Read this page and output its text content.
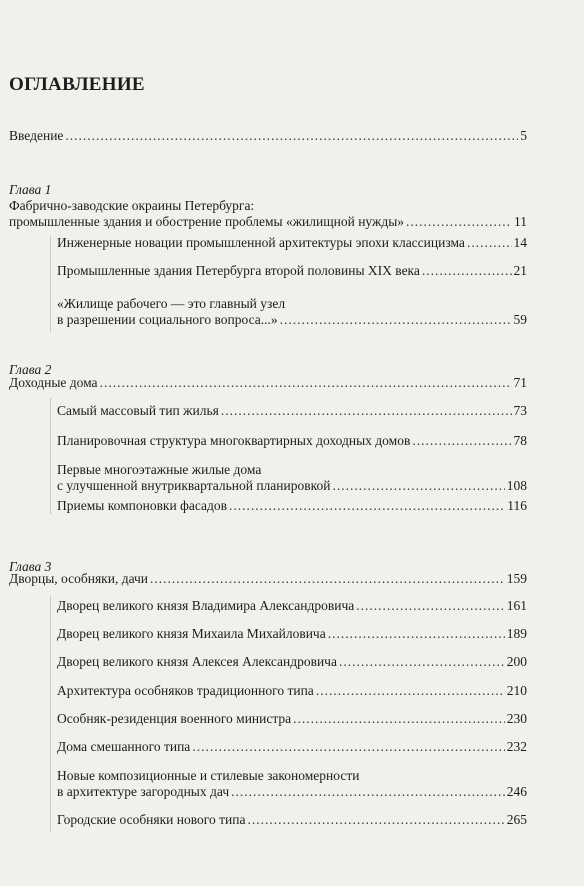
ОГЛАВЛЕНИЕ
Введение .....	5
Глава 1
Фабрично-заводские окраины Петербурга:
промышленные здания и обострение проблемы «жилищной нужды» .....	11
Инженерные новации промышленной архитектуры эпохи классицизма .....	14
Промышленные здания Петербурга второй половины XIX века .....	21
«Жилище рабочего — это главный узел
в разрешении социального вопроса...» .....	59
Глава 2
Доходные дома .....	71
Самый массовый тип жилья .....	73
Планировочная структура многоквартирных доходных домов .....	78
Первые многоэтажные жилые дома
с улучшенной внутриквартальной планировкой .....	108
Приемы компоновки фасадов .....	116
Глава 3
Дворцы, особняки, дачи .....	159
Дворец великого князя Владимира Александровича .....	161
Дворец великого князя Михаила Михайловича .....	189
Дворец великого князя Алексея Александровича .....	200
Архитектура особняков традиционного типа .....	210
Особняк-резиденция военного министра .....	230
Дома смешанного типа .....	232
Новые композиционные и стилевые закономерности
в архитектуре загородных дач .....	246
Городские особняки нового типа .....	265
